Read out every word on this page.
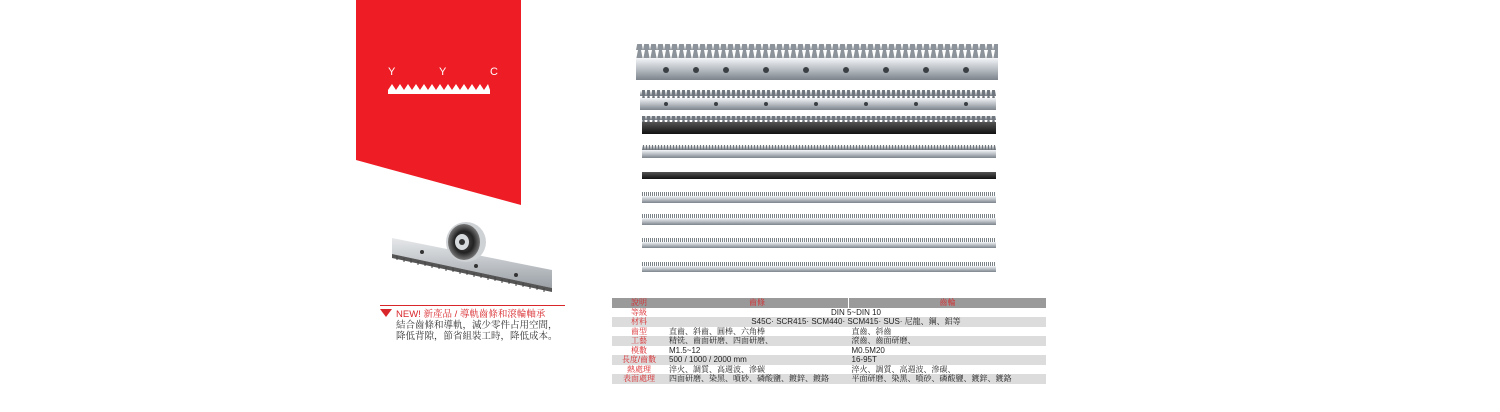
Y	Y	C
NEW! 新產品 / 導軌齒條和滾輪軸承
結合齒條和導軌，減少零件占用空間，
降低背隙，節省組裝工時，降低成本。
說明	齒條	齒輪
等級	DIN 5~DIN 10	
材料	S45C· SCR415· SCM440· SCM415· SUS· 尼龍、鋼、鋁等	
齒型	直齒、斜齒、圓棒、六角棒	直齒、斜齒
工藝	精铣、齒面研磨、四面研磨、	滾齒、齒面研磨、
模數	M1.5~12	M0.5M20
長度/齒數	500 / 1000 / 2000 mm	16-95T
熱處理	淬火、調質、高週波、滲碳	淬火、調質、高週波、滲碳、
表面處理	四面研磨、染黑、噴砂、磷酸鹽、鍍鋅、鍍鉻	平面研磨、染黑、噴砂、磷酸鹽、鍍鋅、鍍鉻
